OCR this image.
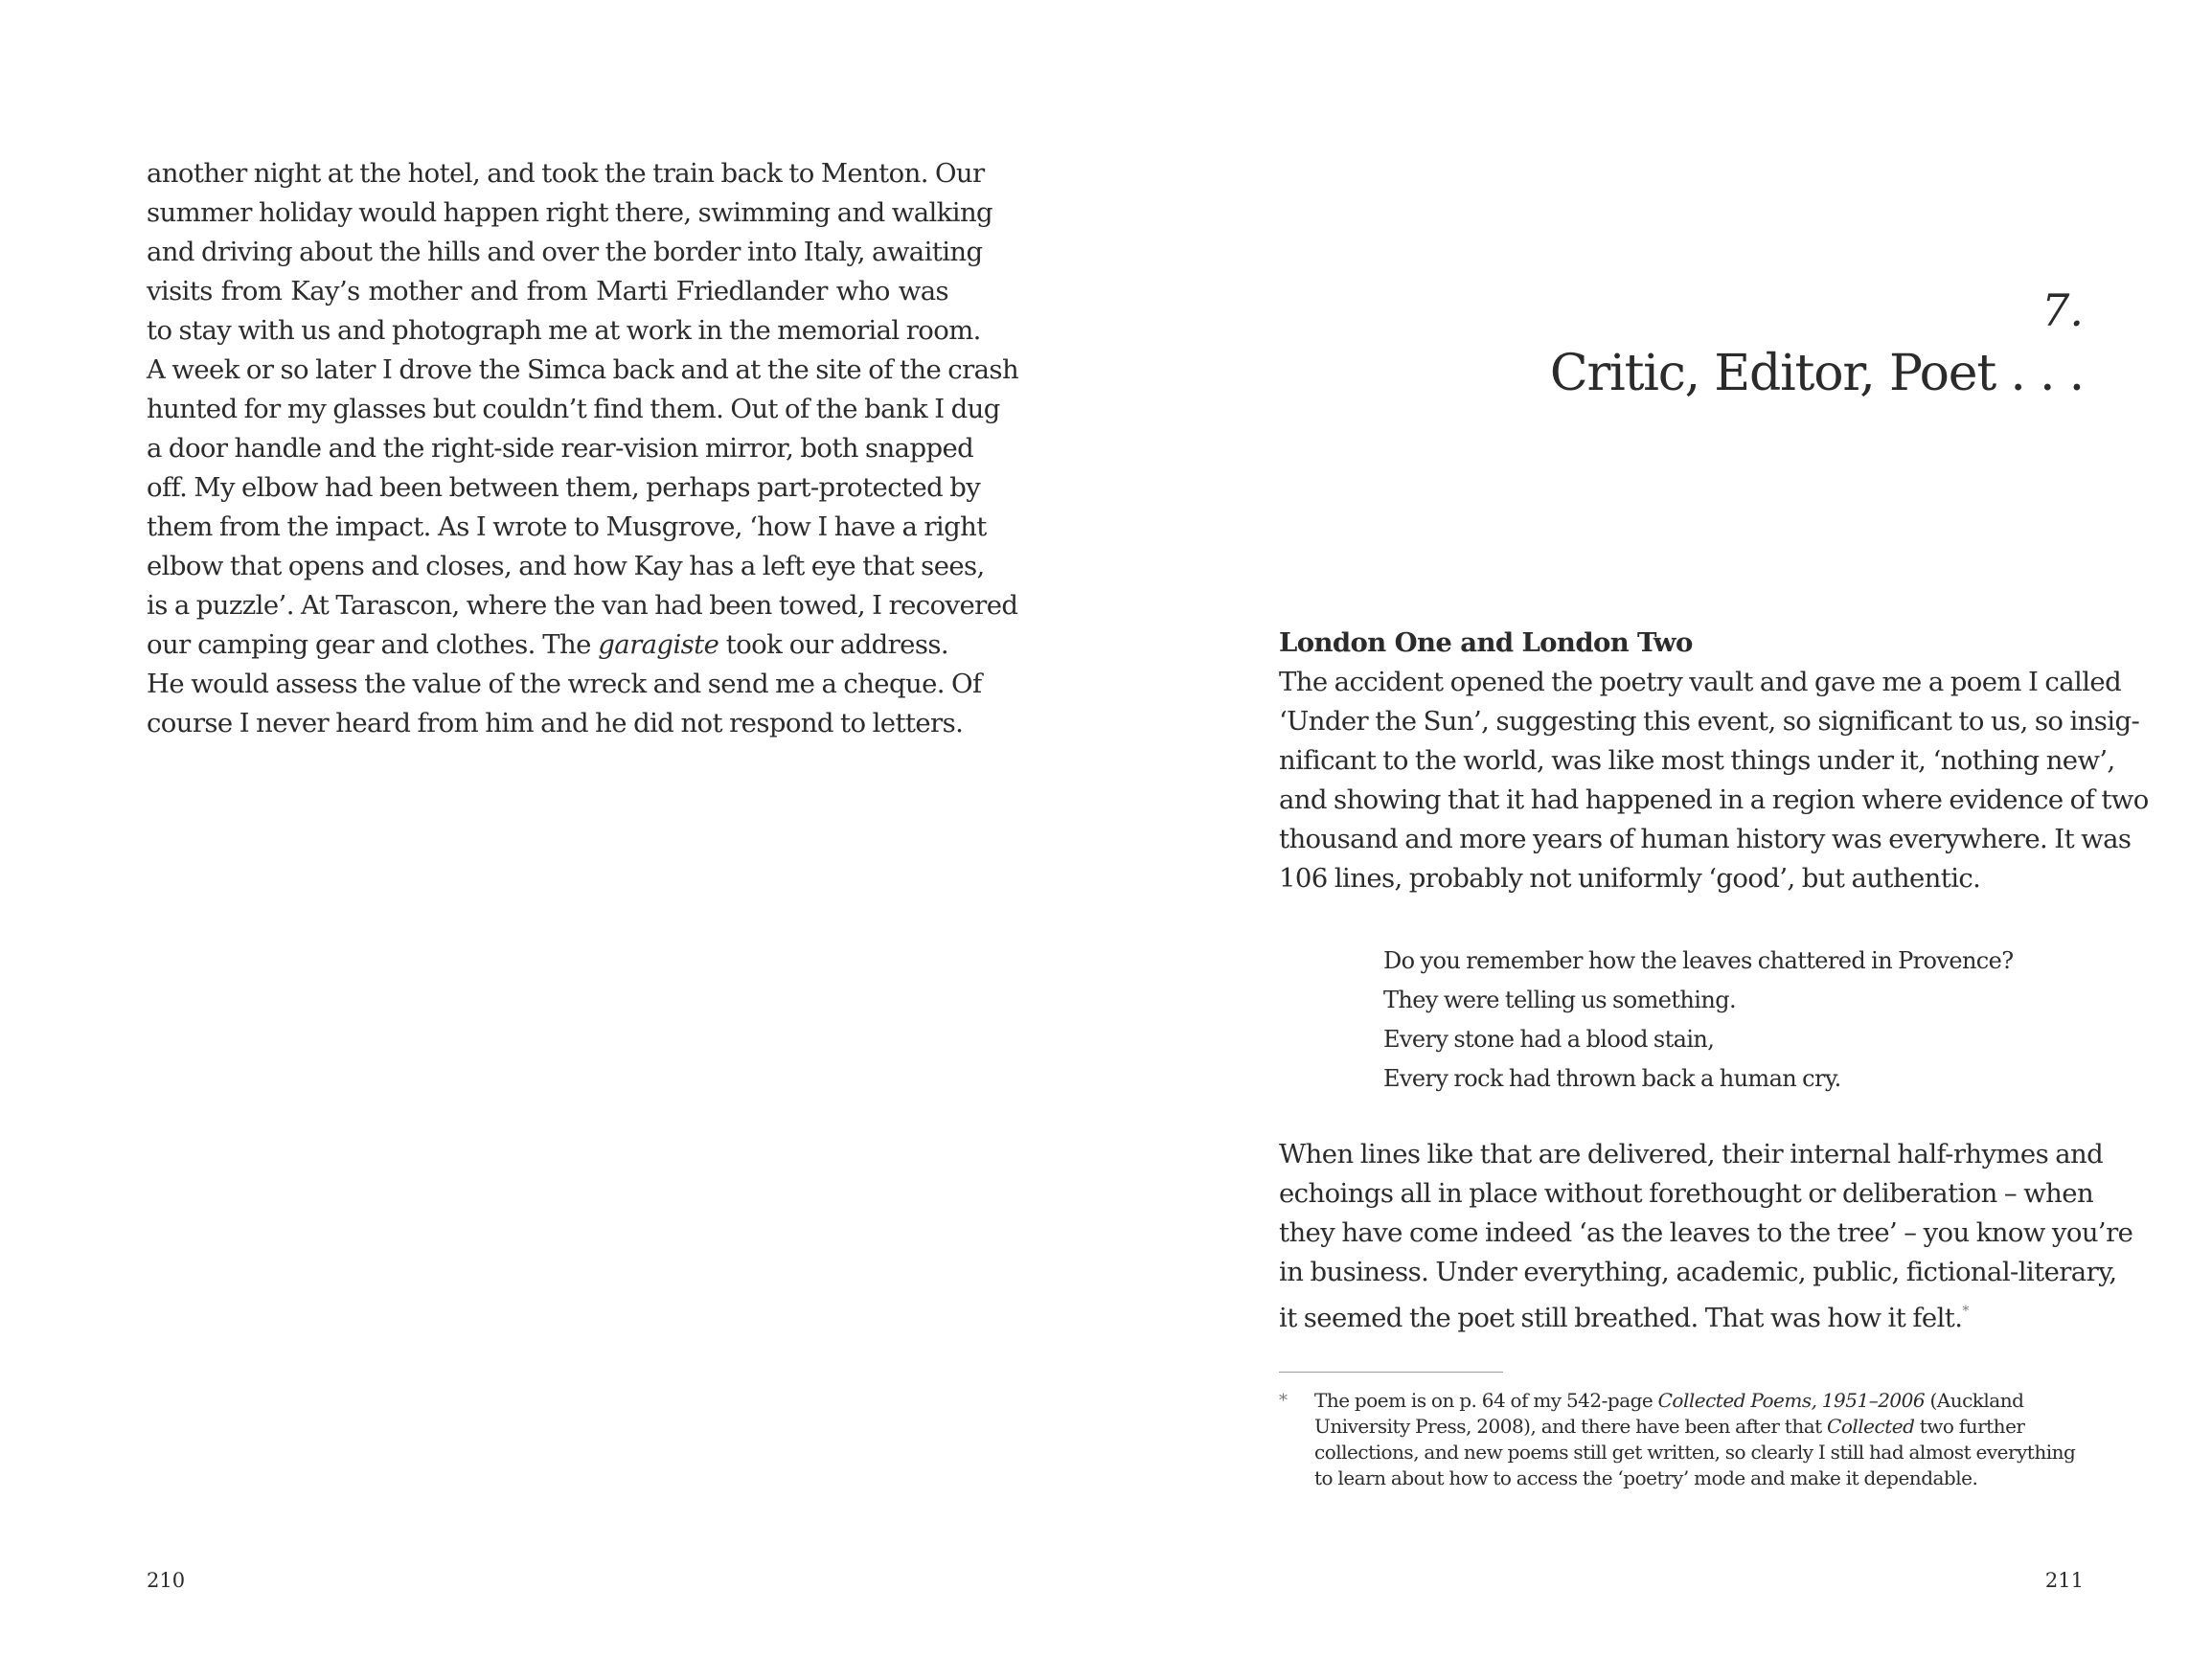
another night at the hotel, and took the train back to Menton. Our
summer holiday would happen right there, swimming and walking
and driving about the hills and over the border into Italy, awaiting
visits from Kay’s mother and from Marti Friedlander who was
to stay with us and photograph me at work in the memorial room.
A week or so later I drove the Simca back and at the site of the crash
hunted for my glasses but couldn’t find them. Out of the bank I dug
a door handle and the right-side rear-vision mirror, both snapped
off. My elbow had been between them, perhaps part-protected by
them from the impact. As I wrote to Musgrove, ‘how I have a right
elbow that opens and closes, and how Kay has a left eye that sees,
is a puzzle’. At Tarascon, where the van had been towed, I recovered
our camping gear and clothes. The garagiste took our address.
He would assess the value of the wreck and send me a cheque. Of
course I never heard from him and he did not respond to letters.
210
7.
Critic, Editor, Poet . . .
London One and London Two
The accident opened the poetry vault and gave me a poem I called
‘Under the Sun’, suggesting this event, so significant to us, so insig-
nificant to the world, was like most things under it, ‘nothing new’,
and showing that it had happened in a region where evidence of two
thousand and more years of human history was everywhere. It was
106 lines, probably not uniformly ‘good’, but authentic.
Do you remember how the leaves chattered in Provence?
They were telling us something.
Every stone had a blood stain,
Every rock had thrown back a human cry.
When lines like that are delivered, their internal half-rhymes and
echoings all in place without forethought or deliberation – when
they have come indeed ‘as the leaves to the tree’ – you know you’re
in business. Under everything, academic, public, fictional-literary,
it seemed the poet still breathed. That was how it felt.*
* The poem is on p. 64 of my 542-page Collected Poems, 1951–2006 (Auckland
University Press, 2008), and there have been after that Collected two further
collections, and new poems still get written, so clearly I still had almost everything
to learn about how to access the ‘poetry’ mode and make it dependable.
211
